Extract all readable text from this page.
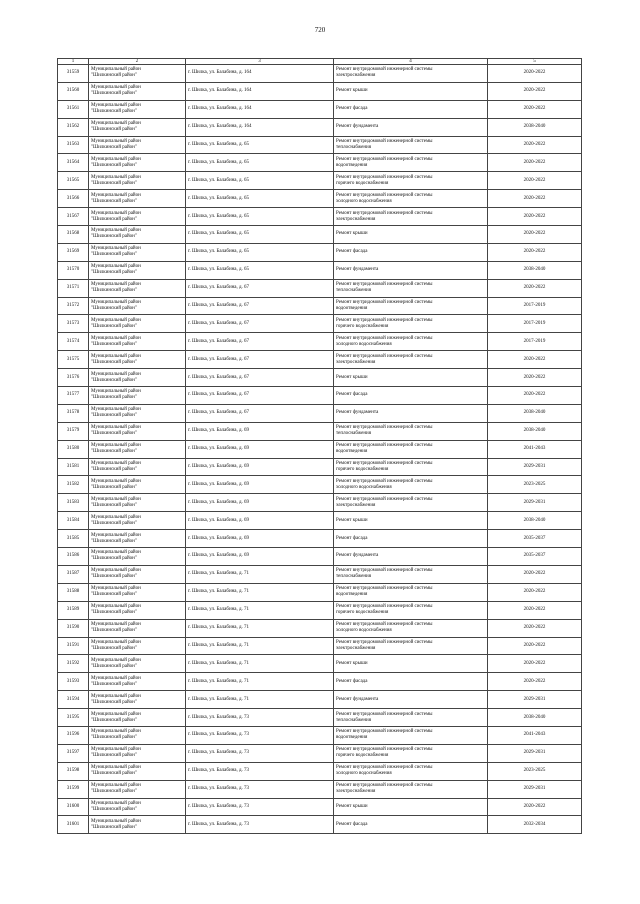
720
1	2	3	4	5
31559	Муниципальный район
"Шилкинский район"	г. Шилка, ул. Балабина, д. 164	Ремонт внутридомовой инженерной системы
электроснабжения	2020-2022
31560	Муниципальный район
"Шилкинский район"	г. Шилка, ул. Балабина, д. 164	Ремонт крыши	2020-2022
31561	Муниципальный район
"Шилкинский район"	г. Шилка, ул. Балабина, д. 164	Ремонт фасада	2020-2022
31562	Муниципальный район
"Шилкинский район"	г. Шилка, ул. Балабина, д. 164	Ремонт фундамента	2038-2040
31563	Муниципальный район
"Шилкинский район"	г. Шилка, ул. Балабина, д. 65	Ремонт внутридомовой инженерной системы
теплоснабжения	2020-2022
31564	Муниципальный район
"Шилкинский район"	г. Шилка, ул. Балабина, д. 65	Ремонт внутридомовой инженерной системы
водоотведения	2020-2022
31565	Муниципальный район
"Шилкинский район"	г. Шилка, ул. Балабина, д. 65	Ремонт внутридомовой инженерной системы
горячего водоснабжения	2020-2022
31566	Муниципальный район
"Шилкинский район"	г. Шилка, ул. Балабина, д. 65	Ремонт внутридомовой инженерной системы
холодного водоснабжения	2020-2022
31567	Муниципальный район
"Шилкинский район"	г. Шилка, ул. Балабина, д. 65	Ремонт внутридомовой инженерной системы
электроснабжения	2020-2022
31568	Муниципальный район
"Шилкинский район"	г. Шилка, ул. Балабина, д. 65	Ремонт крыши	2020-2022
31569	Муниципальный район
"Шилкинский район"	г. Шилка, ул. Балабина, д. 65	Ремонт фасада	2020-2022
31570	Муниципальный район
"Шилкинский район"	г. Шилка, ул. Балабина, д. 65	Ремонт фундамента	2038-2040
31571	Муниципальный район
"Шилкинский район"	г. Шилка, ул. Балабина, д. 67	Ремонт внутридомовой инженерной системы
теплоснабжения	2020-2022
31572	Муниципальный район
"Шилкинский район"	г. Шилка, ул. Балабина, д. 67	Ремонт внутридомовой инженерной системы
водоотведения	2017-2019
31573	Муниципальный район
"Шилкинский район"	г. Шилка, ул. Балабина, д. 67	Ремонт внутридомовой инженерной системы
горячего водоснабжения	2017-2019
31574	Муниципальный район
"Шилкинский район"	г. Шилка, ул. Балабина, д. 67	Ремонт внутридомовой инженерной системы
холодного водоснабжения	2017-2019
31575	Муниципальный район
"Шилкинский район"	г. Шилка, ул. Балабина, д. 67	Ремонт внутридомовой инженерной системы
электроснабжения	2020-2022
31576	Муниципальный район
"Шилкинский район"	г. Шилка, ул. Балабина, д. 67	Ремонт крыши	2020-2022
31577	Муниципальный район
"Шилкинский район"	г. Шилка, ул. Балабина, д. 67	Ремонт фасада	2020-2022
31578	Муниципальный район
"Шилкинский район"	г. Шилка, ул. Балабина, д. 67	Ремонт фундамента	2038-2040
31579	Муниципальный район
"Шилкинский район"	г. Шилка, ул. Балабина, д. 69	Ремонт внутридомовой инженерной системы
теплоснабжения	2038-2040
31580	Муниципальный район
"Шилкинский район"	г. Шилка, ул. Балабина, д. 69	Ремонт внутридомовой инженерной системы
водоотведения	2041-2043
31581	Муниципальный район
"Шилкинский район"	г. Шилка, ул. Балабина, д. 69	Ремонт внутридомовой инженерной системы
горячего водоснабжения	2029-2031
31582	Муниципальный район
"Шилкинский район"	г. Шилка, ул. Балабина, д. 69	Ремонт внутридомовой инженерной системы
холодного водоснабжения	2023-2025
31583	Муниципальный район
"Шилкинский район"	г. Шилка, ул. Балабина, д. 69	Ремонт внутридомовой инженерной системы
электроснабжения	2029-2031
31584	Муниципальный район
"Шилкинский район"	г. Шилка, ул. Балабина, д. 69	Ремонт крыши	2038-2040
31585	Муниципальный район
"Шилкинский район"	г. Шилка, ул. Балабина, д. 69	Ремонт фасада	2035-2037
31586	Муниципальный район
"Шилкинский район"	г. Шилка, ул. Балабина, д. 69	Ремонт фундамента	2035-2037
31587	Муниципальный район
"Шилкинский район"	г. Шилка, ул. Балабина, д. 71	Ремонт внутридомовой инженерной системы
теплоснабжения	2020-2022
31588	Муниципальный район
"Шилкинский район"	г. Шилка, ул. Балабина, д. 71	Ремонт внутридомовой инженерной системы
водоотведения	2020-2022
31589	Муниципальный район
"Шилкинский район"	г. Шилка, ул. Балабина, д. 71	Ремонт внутридомовой инженерной системы
горячего водоснабжения	2020-2022
31590	Муниципальный район
"Шилкинский район"	г. Шилка, ул. Балабина, д. 71	Ремонт внутридомовой инженерной системы
холодного водоснабжения	2020-2022
31591	Муниципальный район
"Шилкинский район"	г. Шилка, ул. Балабина, д. 71	Ремонт внутридомовой инженерной системы
электроснабжения	2020-2022
31592	Муниципальный район
"Шилкинский район"	г. Шилка, ул. Балабина, д. 71	Ремонт крыши	2020-2022
31593	Муниципальный район
"Шилкинский район"	г. Шилка, ул. Балабина, д. 71	Ремонт фасада	2020-2022
31594	Муниципальный район
"Шилкинский район"	г. Шилка, ул. Балабина, д. 71	Ремонт фундамента	2029-2031
31595	Муниципальный район
"Шилкинский район"	г. Шилка, ул. Балабина, д. 73	Ремонт внутридомовой инженерной системы
теплоснабжения	2038-2040
31596	Муниципальный район
"Шилкинский район"	г. Шилка, ул. Балабина, д. 73	Ремонт внутридомовой инженерной системы
водоотведения	2041-2043
31597	Муниципальный район
"Шилкинский район"	г. Шилка, ул. Балабина, д. 73	Ремонт внутридомовой инженерной системы
горячего водоснабжения	2029-2031
31598	Муниципальный район
"Шилкинский район"	г. Шилка, ул. Балабина, д. 73	Ремонт внутридомовой инженерной системы
холодного водоснабжения	2023-2025
31599	Муниципальный район
"Шилкинский район"	г. Шилка, ул. Балабина, д. 73	Ремонт внутридомовой инженерной системы
электроснабжения	2029-2031
31600	Муниципальный район
"Шилкинский район"	г. Шилка, ул. Балабина, д. 73	Ремонт крыши	2020-2022
31601	Муниципальный район
"Шилкинский район"	г. Шилка, ул. Балабина, д. 73	Ремонт фасада	2032-2034
